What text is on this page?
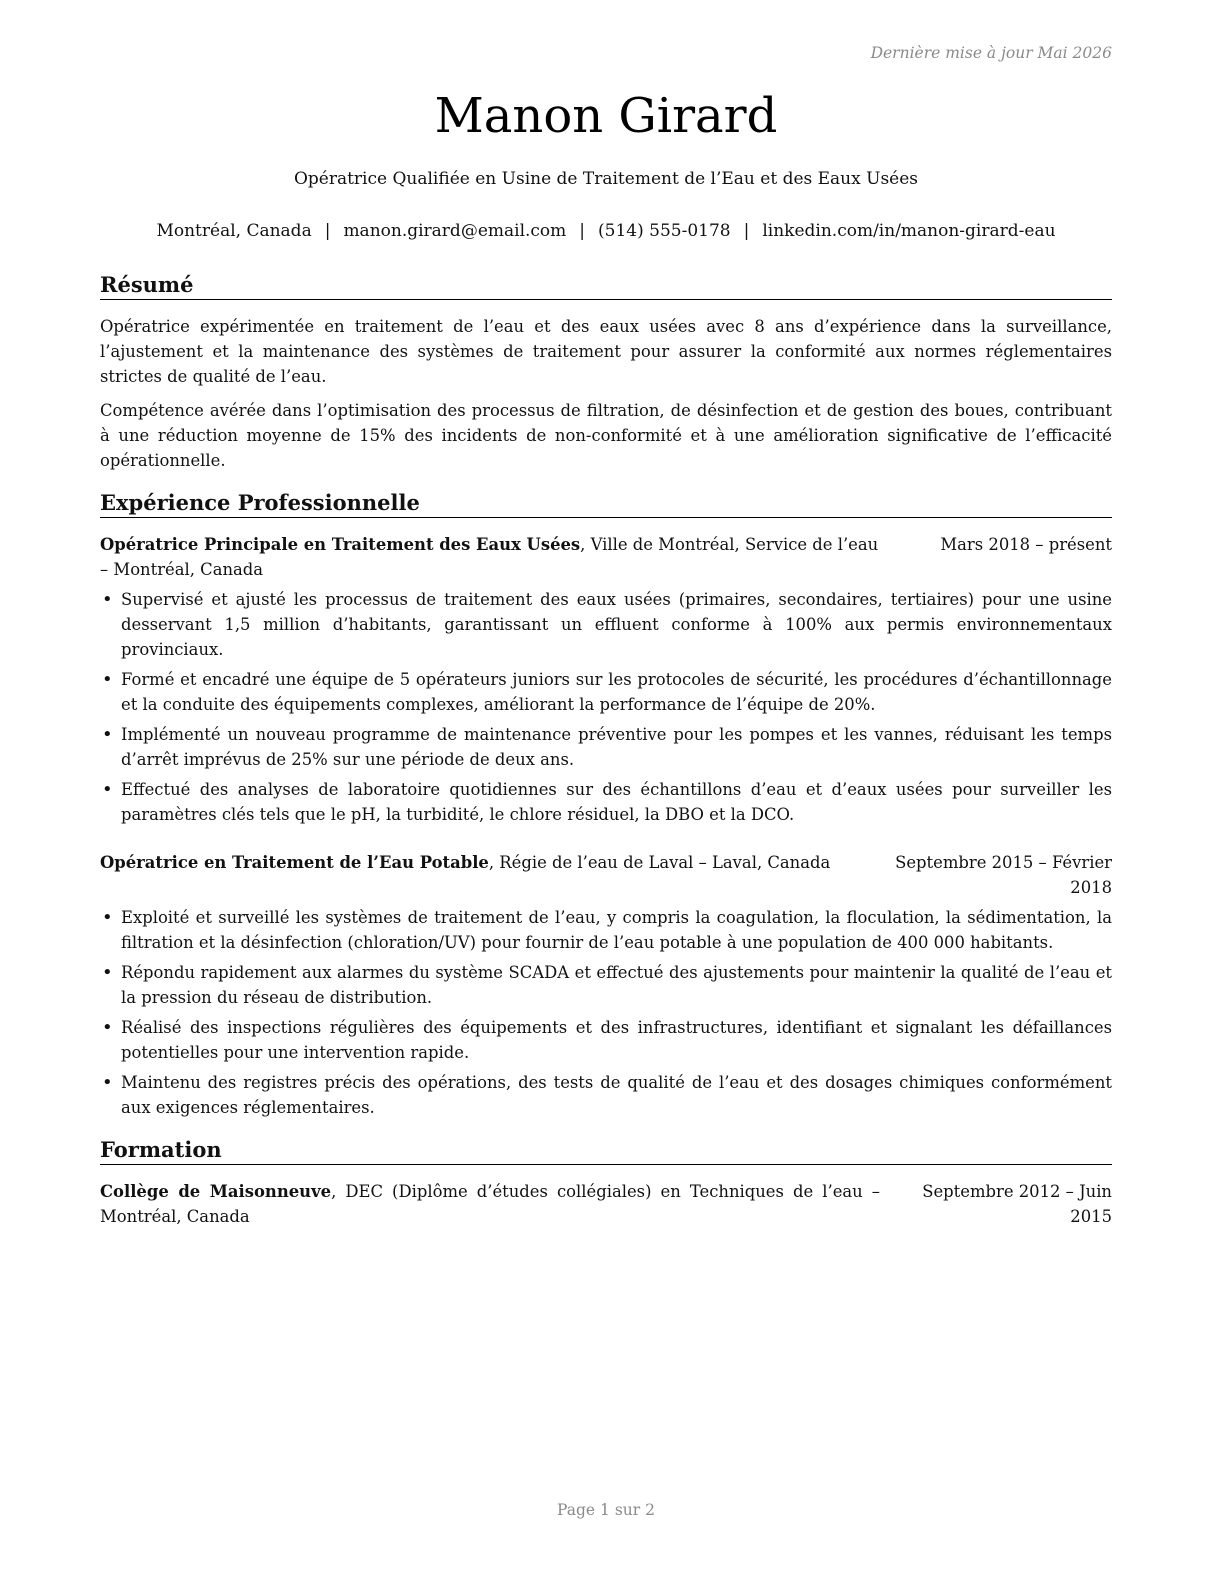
Dernière mise à jour Mai 2026
Manon Girard
Opératrice Qualifiée en Usine de Traitement de l’Eau et des Eaux Usées
Montréal, Canada | manon.girard@email.com | (514) 555-0178 | linkedin.com/in/manon-girard-eau
Résumé

Opératrice expérimentée en traitement de l’eau et des eaux usées avec 8 ans d’expérience dans la surveillance, l’ajustement et la maintenance des systèmes de traitement pour assurer la conformité aux normes réglementaires strictes de qualité de l’eau.

Compétence avérée dans l’optimisation des processus de filtration, de désinfection et de gestion des boues, contribuant à une réduction moyenne de 15% des incidents de non-conformité et à une amélioration significative de l’efficacité opérationnelle.

Expérience Professionnelle
Opératrice Principale en Traitement des Eaux Usées, Ville de Montréal, Service de l’eau – Montréal, Canada
Mars 2018 – présent
• Supervisé et ajusté les processus de traitement des eaux usées (primaires, secondaires, tertiaires) pour une usine desservant 1,5 million d’habitants, garantissant un effluent conforme à 100% aux permis environnementaux provinciaux.
• Formé et encadré une équipe de 5 opérateurs juniors sur les protocoles de sécurité, les procédures d’échantillonnage et la conduite des équipements complexes, améliorant la performance de l’équipe de 20%.
• Implémenté un nouveau programme de maintenance préventive pour les pompes et les vannes, réduisant les temps d’arrêt imprévus de 25% sur une période de deux ans.
• Effectué des analyses de laboratoire quotidiennes sur des échantillons d’eau et d’eaux usées pour surveiller les paramètres clés tels que le pH, la turbidité, le chlore résiduel, la DBO et la DCO.
Opératrice en Traitement de l’Eau Potable, Régie de l’eau de Laval – Laval, Canada	Septembre 2015 – Février 2018
• Exploité et surveillé les systèmes de traitement de l’eau, y compris la coagulation, la floculation, la sédimentation, la filtration et la désinfection (chloration/UV) pour fournir de l’eau potable à une population de 400 000 habitants.
• Répondu rapidement aux alarmes du système SCADA et effectué des ajustements pour maintenir la qualité de l’eau et la pression du réseau de distribution.
• Réalisé des inspections régulières des équipements et des infrastructures, identifiant et signalant les défaillances potentielles pour une intervention rapide.
• Maintenu des registres précis des opérations, des tests de qualité de l’eau et des dosages chimiques conformément aux exigences réglementaires.
Formation
Collège de Maisonneuve, DEC (Diplôme d’études collégiales) en Techniques de l’eau – Montréal, Canada
Septembre 2012 – Juin 2015
Page 1 sur 2
